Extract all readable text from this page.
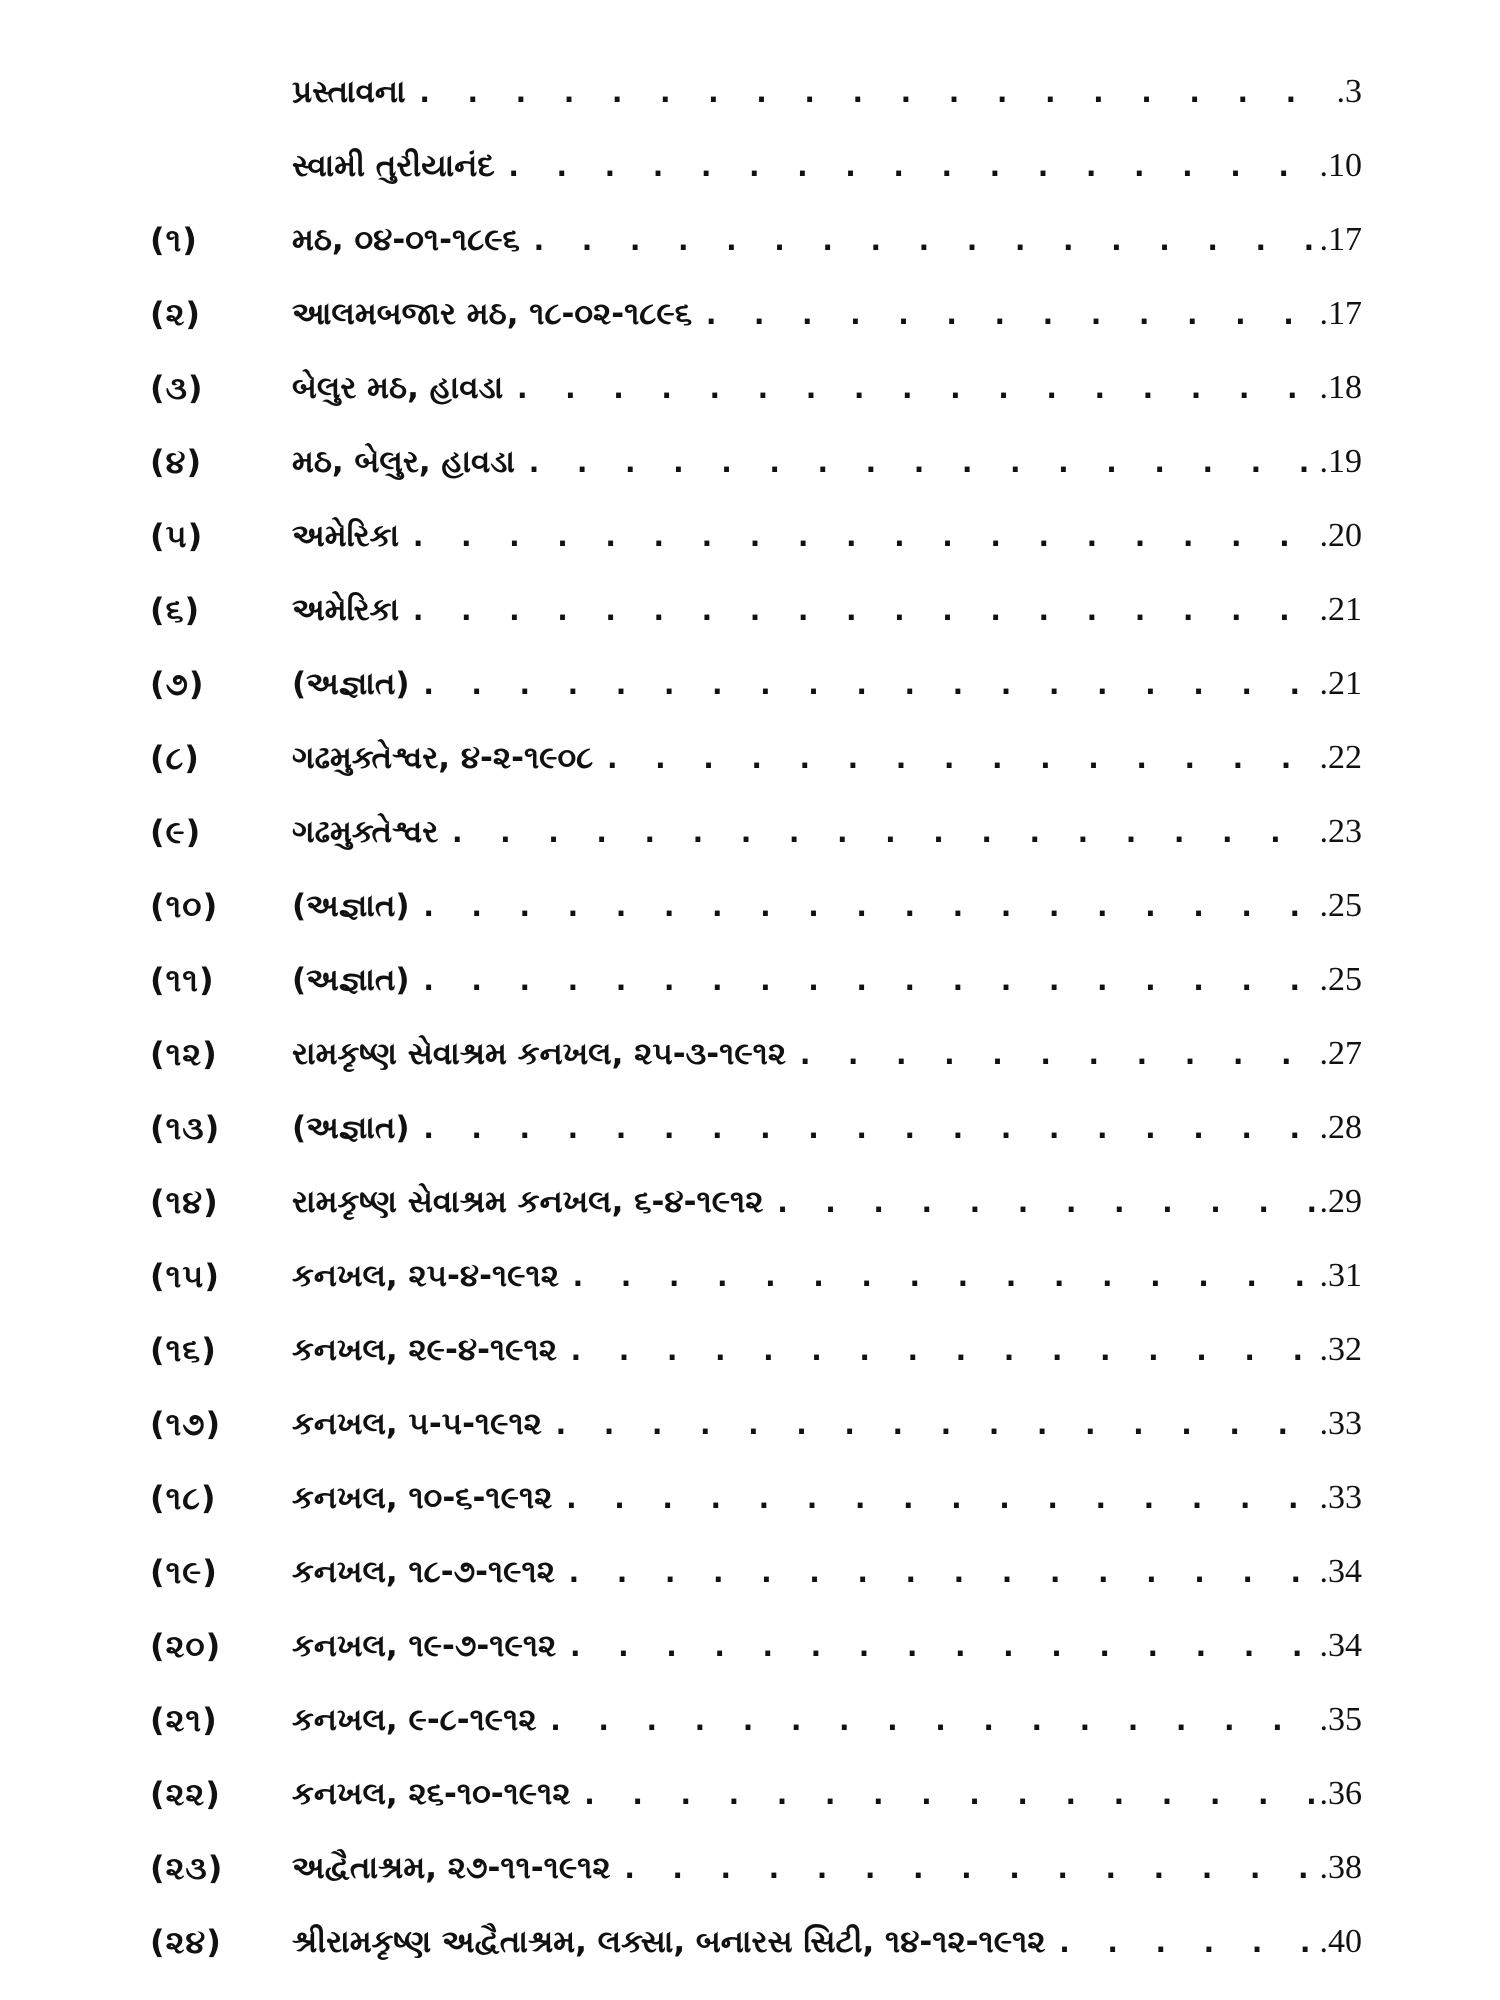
પ્રસ્તાવના . . .	. 3
સ્વામી તુરીયાનંદ . . .	. 10
(૧)	મઠ, ૦૪-૦૧-૧૮૯૬ . . .	. 17
(૨)	આલમબજાર મઠ, ૧૮-૦૨-૧૮૯૬ . . .	. 17
(૩)	બેલુર મઠ, હાવડા . . .	. 18
(૪)	મઠ, બેલુર, હાવડા . . .	. 19
(૫)	અમેરિકા . . .	. 20
(૬)	અમેરિકા . . .	. 21
(૭)	(અજ્ઞાત) . . .	. 21
(૮)	ગઢમુક્તેશ્વર, ૪-૨-૧૯૦૮ . . .	. 22
(૯)	ગઢમુક્તેશ્વર . . .	. 23
(૧૦)	(અજ્ઞાત) . . .	. 25
(૧૧)	(અજ્ઞાત) . . .	. 25
(૧૨)	રામકૃષ્ણ સેવાશ્રમ કનખલ, ૨૫-૩-૧૯૧૨ . . .	. 27
(૧૩)	(અજ્ઞાત) . . .	. 28
(૧૪)	રામકૃષ્ણ સેવાશ્રમ કનખલ, ૬-૪-૧૯૧૨ . . .	. 29
(૧૫)	કનખલ, ૨૫-૪-૧૯૧૨ . . .	. 31
(૧૬)	કનખલ, ૨૯-૪-૧૯૧૨ . . .	. 32
(૧૭)	કનખલ, ૫-૫-૧૯૧૨ . . .	. 33
(૧૮)	કનખલ, ૧૦-૬-૧૯૧૨ . . .	. 33
(૧૯)	કનખલ, ૧૮-૭-૧૯૧૨ . . .	. 34
(૨૦)	કનખલ, ૧૯-૭-૧૯૧૨ . . .	. 34
(૨૧)	કનખલ, ૯-૮-૧૯૧૨ . . .	. 35
(૨૨)	કનખલ, ૨૬-૧૦-૧૯૧૨ . . .	. 36
(૨૩)	અદ્વૈતાશ્રમ, ૨૭-૧૧-૧૯૧૨ . . .	. 38
(૨૪)	શ્રીરામકૃષ્ણ અદ્વૈતાશ્રમ, લક્સા, બનારસ સિટી, ૧૪-૧૨-૧૯૧૨ . . .	. 40
